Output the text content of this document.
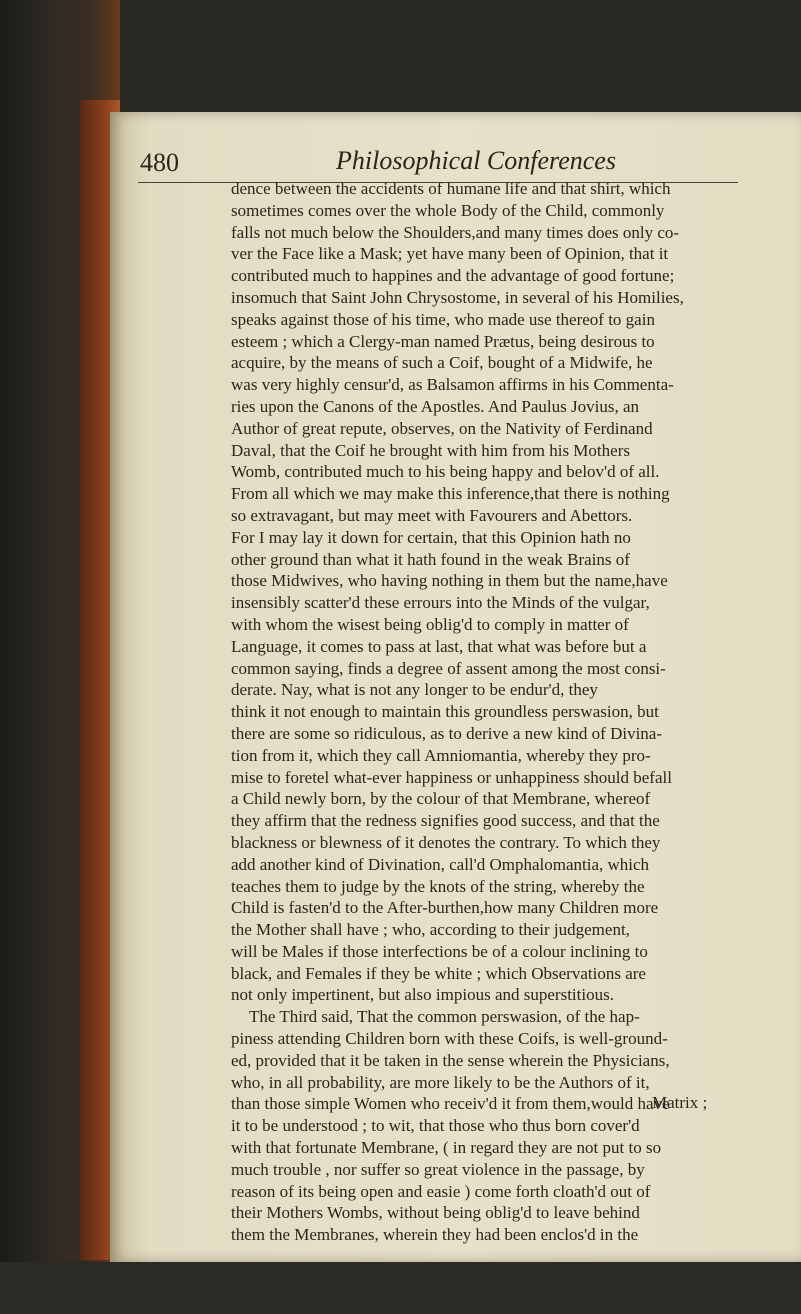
480	Philosophical Conferences
dence between the accidents of humane life and that shirt, which
sometimes comes over the whole Body of the Child, commonly
falls not much below the Shoulders,and many times does only co-
ver the Face like a Mask; yet have many been of Opinion, that it
contributed much to happines and the advantage of good fortune;
insomuch that Saint John Chrysostome, in several of his Homilies,
speaks against those of his time, who made use thereof to gain
esteem ; which a Clergy-man named Prætus, being desirous to
acquire, by the means of such a Coif, bought of a Midwife, he
was very highly censur'd, as Balsamon affirms in his Commenta-
ries upon the Canons of the Apostles. And Paulus Jovius, an
Author of great repute, observes, on the Nativity of Ferdinand
Daval, that the Coif he brought with him from his Mothers
Womb, contributed much to his being happy and belov'd of all.
From all which we may make this inference,that there is nothing
so extravagant, but may meet with Favourers and Abettors.
For I may lay it down for certain, that this Opinion hath no
other ground than what it hath found in the weak Brains of
those Midwives, who having nothing in them but the name,have
insensibly scatter'd these errours into the Minds of the vulgar,
with whom the wisest being oblig'd to comply in matter of
Language, it comes to pass at last, that what was before but a
common saying, finds a degree of assent among the most consi-
derate. Nay, what is not any longer to be endur'd, they
think it not enough to maintain this groundless perswasion, but
there are some so ridiculous, as to derive a new kind of Divina-
tion from it, which they call Amniomantia, whereby they pro-
mise to foretel what-ever happiness or unhappiness should befall
a Child newly born, by the colour of that Membrane, whereof
they affirm that the redness signifies good success, and that the
blackness or blewness of it denotes the contrary. To which they
add another kind of Divination, call'd Omphalomantia, which
teaches them to judge by the knots of the string, whereby the
Child is fasten'd to the After-burthen,how many Children more
the Mother shall have ; who, according to their judgement,
will be Males if those interfections be of a colour inclining to
black, and Females if they be white ; which Observations are
not only impertinent, but also impious and superstitious.
The Third said, That the common perswasion, of the hap-
piness attending Children born with these Coifs, is well-ground-
ed, provided that it be taken in the sense wherein the Physicians,
who, in all probability, are more likely to be the Authors of it,
than those simple Women who receiv'd it from them,would have
it to be understood ; to wit, that those who thus born cover'd
with that fortunate Membrane, ( in regard they are not put to so
much trouble , nor suffer so great violence in the passage, by
reason of its being open and easie ) come forth cloath'd out of
their Mothers Wombs, without being oblig'd to leave behind
them the Membranes, wherein they had been enclos'd in the
Matrix ;
